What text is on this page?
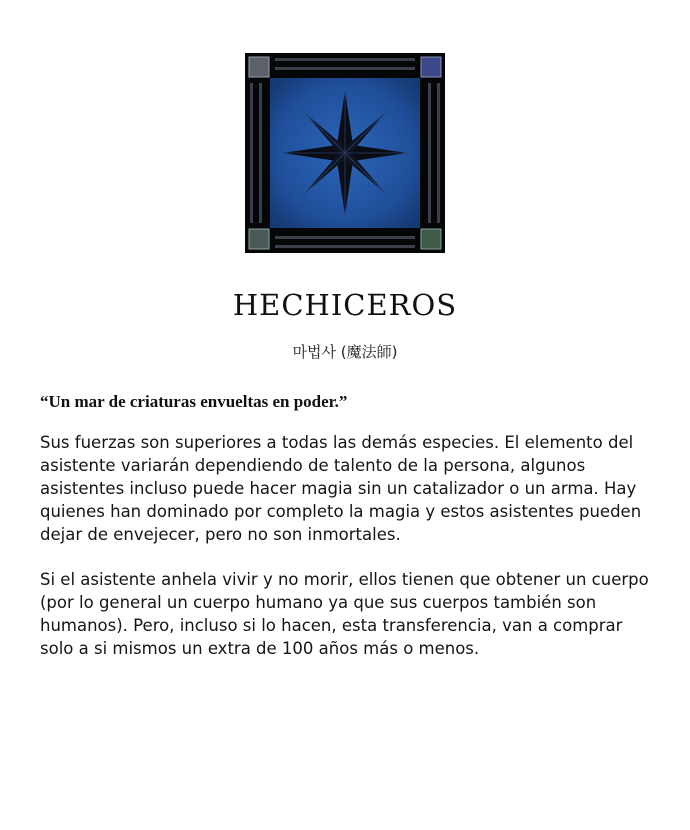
HECHICEROS
마법사 (魔法師)
“Un mar de criaturas envueltas en poder.”

Sus fuerzas son superiores a todas las demás especies. El elemento del asistente variarán dependiendo de talento de la persona, algunos asistentes incluso puede hacer magia sin un catalizador o un arma. Hay quienes han dominado por completo la magia y estos asistentes pueden dejar de envejecer, pero no son inmortales.

Si el asistente anhela vivir y no morir, ellos tienen que obtener un cuerpo (por lo general un cuerpo humano ya que sus cuerpos también son humanos). Pero, incluso si lo hacen, esta transferencia, van a comprar solo a si mismos un extra de 100 años más o menos.
